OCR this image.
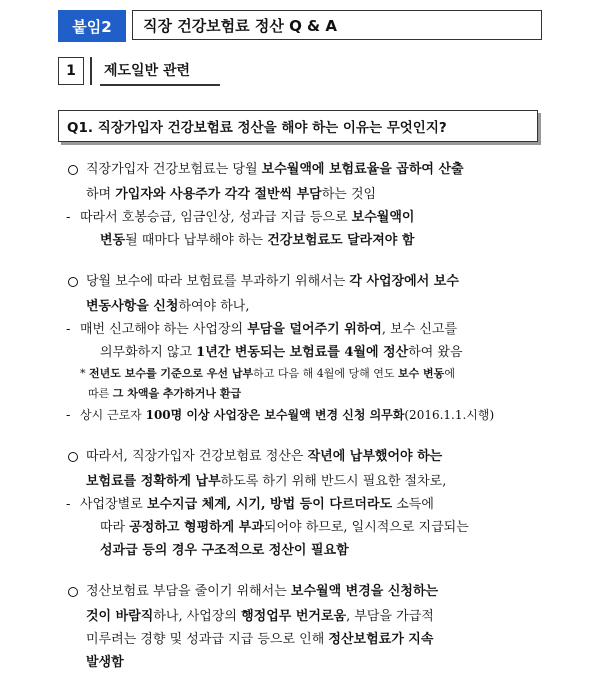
붙임2	직장 건강보험료 정산 Q & A
1	제도일반 관련
Q1. 직장가입자 건강보험료 정산을 해야 하는 이유는 무엇인지?
직장가입자 건강보험료는 당월 보수월액에 보험료율을 곱하여 산출
하며 가입자와 사용주가 각각 절반씩 부담하는 것임
- 따라서 호봉승급, 임금인상, 성과급 지급 등으로 보수월액이
변동될 때마다 납부해야 하는 건강보험료도 달라져야 함
당월 보수에 따라 보험료를 부과하기 위해서는 각 사업장에서 보수
변동사항을 신청하여야 하나,
- 매번 신고해야 하는 사업장의 부담을 덜어주기 위하여, 보수 신고를
의무화하지 않고 1년간 변동되는 보험료를 4월에 정산하여 왔음
* 전년도 보수를 기준으로 우선 납부하고 다음 해 4월에 당해 연도 보수 변동에
따른 그 차액을 추가하거나 환급
- 상시 근로자 100명 이상 사업장은 보수월액 변경 신청 의무화(2016.1.1.시행)
따라서, 직장가입자 건강보험료 정산은 작년에 납부했어야 하는
보험료를 정확하게 납부하도록 하기 위해 반드시 필요한 절차로,
- 사업장별로 보수지급 체계, 시기, 방법 등이 다르더라도 소득에
따라 공정하고 형평하게 부과되어야 하므로, 일시적으로 지급되는
성과급 등의 경우 구조적으로 정산이 필요함
정산보험료 부담을 줄이기 위해서는 보수월액 변경을 신청하는
것이 바람직하나, 사업장의 행정업무 번거로움, 부담을 가급적
미루려는 경향 및 성과급 지급 등으로 인해 정산보험료가 지속
발생함
